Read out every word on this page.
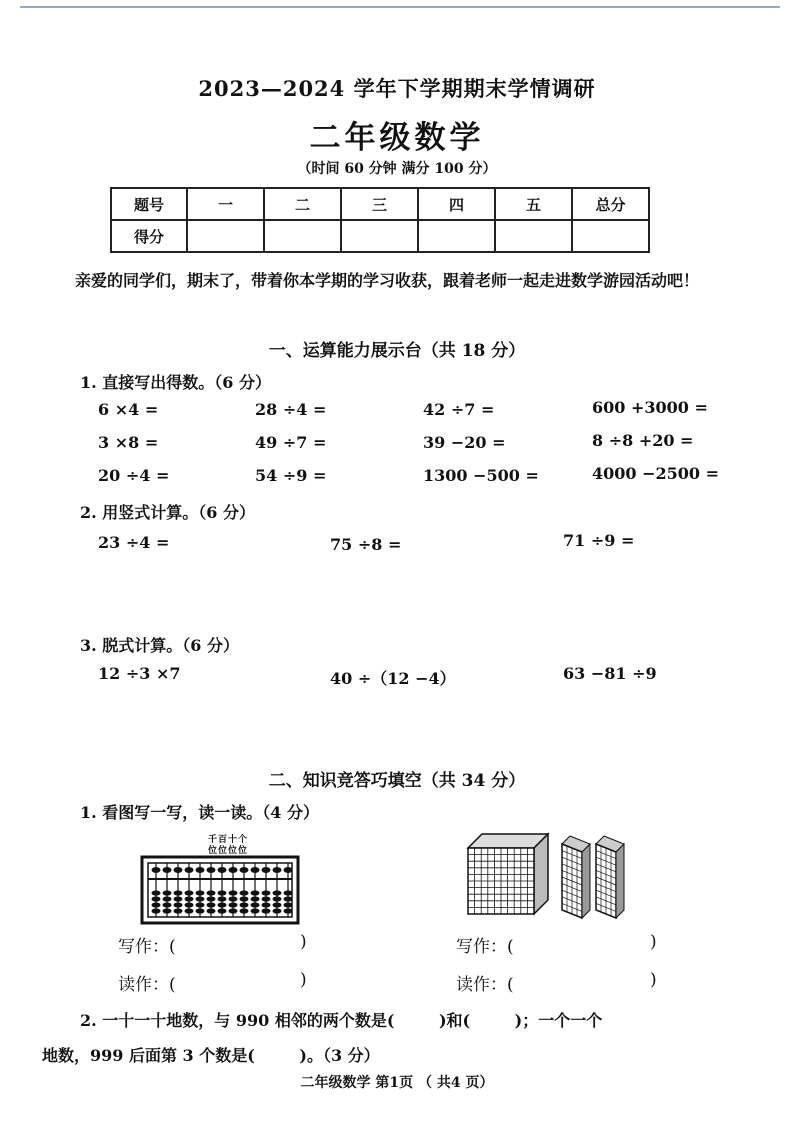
2023—2024 学年下学期期末学情调研
二年级数学
（时间 60 分钟 满分 100 分）
题号	一	二	三	四	五	总分
得分						
亲爱的同学们，期末了，带着你本学期的学习收获，跟着老师一起走进数学游园活动吧！
一、运算能力展示台（共 18 分）
1. 直接写出得数。（6 分）
6 ×4 =	28 ÷4 =	42 ÷7 =	600 +3000 =
3 ×8 =	49 ÷7 =	39 −20 =	8 ÷8 +20 =
20 ÷4 =	54 ÷9 =	1300 −500 =	4000 −2500 =
2. 用竖式计算。（6 分）
23 ÷4 =	75 ÷8 =	71 ÷9 =
3. 脱式计算。（6 分）
12 ÷3 ×7	40 ÷（12 −4）	63 −81 ÷9
二、知识竞答巧填空（共 34 分）
1. 看图写一写，读一读。（4 分）
千百十个
位位位位
写作：(	)
读作：(	)
写作：(	)
读作：(	)
2. 一十一十地数，与 990 相邻的两个数是(        )和(        )；一个一个
地数，999 后面第 3 个数是(        )。（3 分）
二年级数学 第1页 （ 共4 页）
